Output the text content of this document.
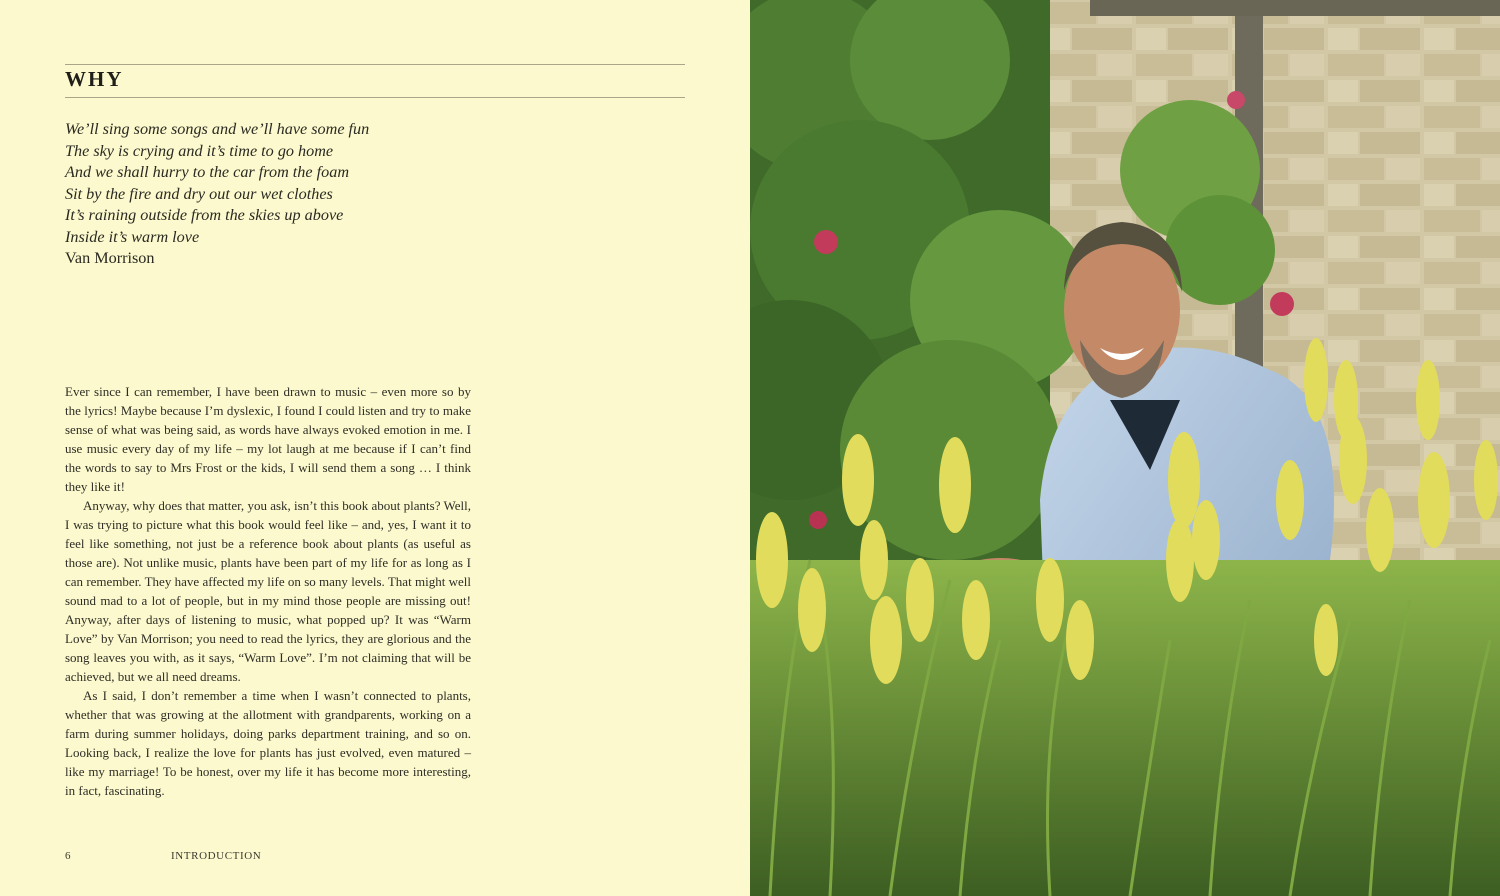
WHY
We’ll sing some songs and we’ll have some fun
The sky is crying and it’s time to go home
And we shall hurry to the car from the foam
Sit by the fire and dry out our wet clothes
It’s raining outside from the skies up above
Inside it’s warm love
Van Morrison

Ever since I can remember, I have been drawn to music – even more so by the lyrics! Maybe because I’m dyslexic, I found I could listen and try to make sense of what was being said, as words have always evoked emotion in me. I use music every day of my life – my lot laugh at me because if I can’t find the words to say to Mrs Frost or the kids, I will send them a song … I think they like it!

Anyway, why does that matter, you ask, isn’t this book about plants? Well, I was trying to picture what this book would feel like – and, yes, I want it to feel like something, not just be a reference book about plants (as useful as those are). Not unlike music, plants have been part of my life for as long as I can remember. They have affected my life on so many levels. That might well sound mad to a lot of people, but in my mind those people are missing out! Anyway, after days of listening to music, what popped up? It was “Warm Love” by Van Morrison; you need to read the lyrics, they are glorious and the song leaves you with, as it says, “Warm Love”. I’m not claiming that will be achieved, but we all need dreams.

As I said, I don’t remember a time when I wasn’t connected to plants, whether that was growing at the allotment with grandparents, working on a farm during summer holidays, doing parks department training, and so on. Looking back, I realize the love for plants has just evolved, even matured – like my marriage! To be honest, over my life it has become more interesting, in fact, fascinating.

6	INTRODUCTION
